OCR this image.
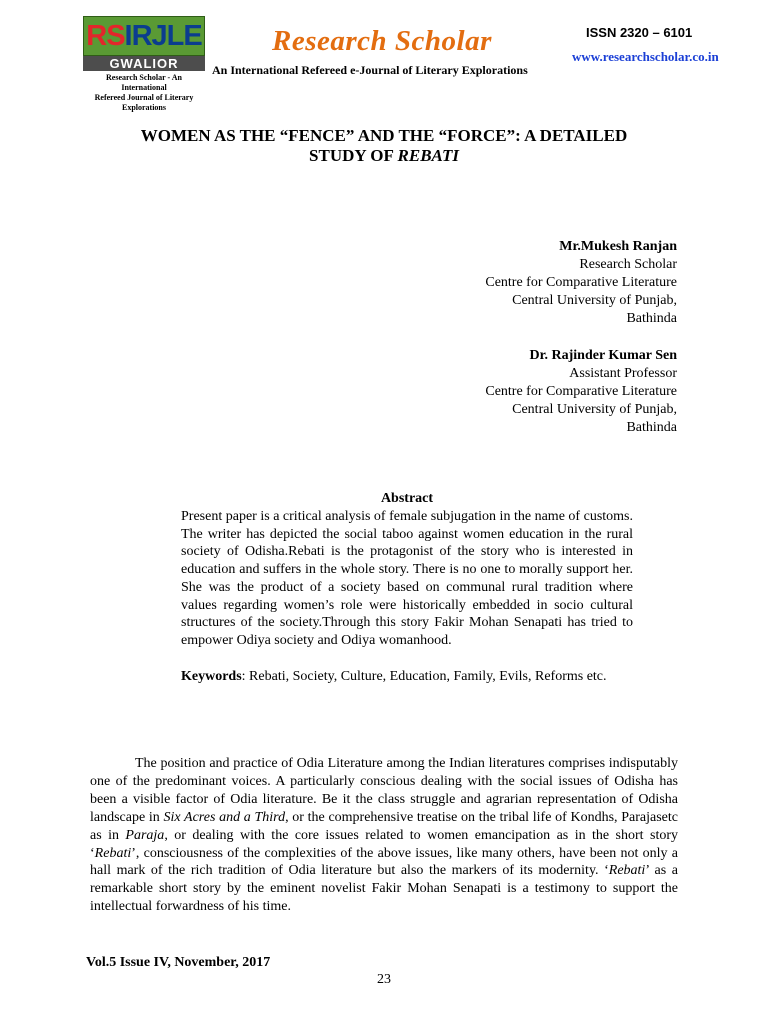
RSIRJLE
GWALIOR
Research Scholar - An International
Refereed Journal of Literary Explorations
Research Scholar
An International Refereed e-Journal of Literary Explorations
ISSN 2320 – 6101
www.researchscholar.co.in
WOMEN AS THE “FENCE” AND THE “FORCE”: A DETAILED
STUDY OF REBATI
Mr.Mukesh Ranjan
Research Scholar
Centre for Comparative Literature
Central University of Punjab,
Bathinda
Dr. Rajinder Kumar Sen
Assistant Professor
Centre for Comparative Literature
Central University of Punjab,
Bathinda
Abstract
Present paper is a critical analysis of female subjugation in the name of customs. The writer has depicted the social taboo against women education in the rural society of Odisha.Rebati is the protagonist of the story who is interested in education and suffers in the whole story. There is no one to morally support her. She was the product of a society based on communal rural tradition where values regarding women’s role were historically embedded in socio cultural structures of the society.Through this story Fakir Mohan Senapati has tried to empower Odiya society and Odiya womanhood.
Keywords: Rebati, Society, Culture, Education, Family, Evils, Reforms etc.
The position and practice of Odia Literature among the Indian literatures comprises indisputably one of the predominant voices. A particularly conscious dealing with the social issues of Odisha has been a visible factor of Odia literature. Be it the class struggle and agrarian representation of Odisha landscape in Six Acres and a Third, or the comprehensive treatise on the tribal life of Kondhs, Parajasetc as in Paraja, or dealing with the core issues related to women emancipation as in the short story ‘Rebati’, consciousness of the complexities of the above issues, like many others, have been not only a hall mark of the rich tradition of Odia literature but also the markers of its modernity. ‘Rebati’ as a remarkable short story by the eminent novelist Fakir Mohan Senapati is a testimony to support the intellectual forwardness of his time.
Vol.5 Issue IV, November, 2017
23
